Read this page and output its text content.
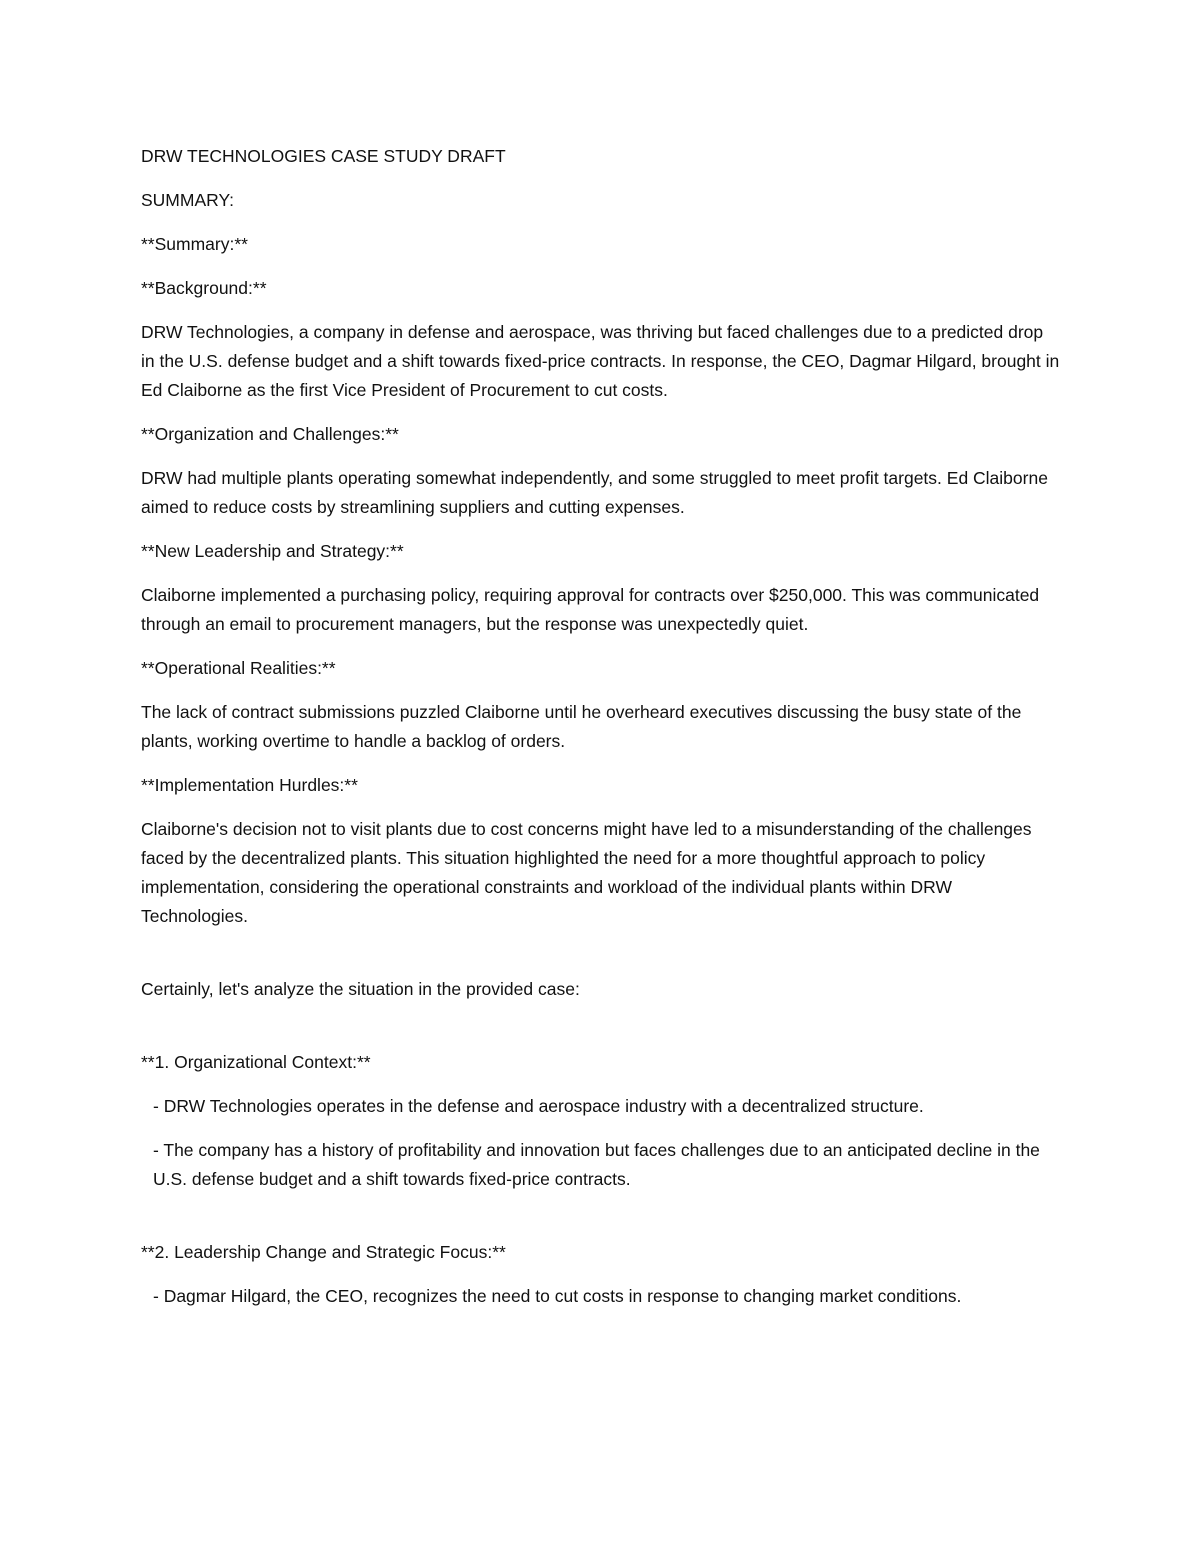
DRW TECHNOLOGIES CASE STUDY DRAFT

SUMMARY:

**Summary:**

**Background:**

DRW Technologies, a company in defense and aerospace, was thriving but faced challenges due to a predicted drop in the U.S. defense budget and a shift towards fixed-price contracts. In response, the CEO, Dagmar Hilgard, brought in Ed Claiborne as the first Vice President of Procurement to cut costs.

**Organization and Challenges:**

DRW had multiple plants operating somewhat independently, and some struggled to meet profit targets. Ed Claiborne aimed to reduce costs by streamlining suppliers and cutting expenses.

**New Leadership and Strategy:**

Claiborne implemented a purchasing policy, requiring approval for contracts over $250,000. This was communicated through an email to procurement managers, but the response was unexpectedly quiet.

**Operational Realities:**

The lack of contract submissions puzzled Claiborne until he overheard executives discussing the busy state of the plants, working overtime to handle a backlog of orders.

**Implementation Hurdles:**

Claiborne's decision not to visit plants due to cost concerns might have led to a misunderstanding of the challenges faced by the decentralized plants. This situation highlighted the need for a more thoughtful approach to policy implementation, considering the operational constraints and workload of the individual plants within DRW Technologies.

Certainly, let's analyze the situation in the provided case:

**1. Organizational Context:**

- DRW Technologies operates in the defense and aerospace industry with a decentralized structure.

- The company has a history of profitability and innovation but faces challenges due to an anticipated decline in the U.S. defense budget and a shift towards fixed-price contracts.

**2. Leadership Change and Strategic Focus:**

- Dagmar Hilgard, the CEO, recognizes the need to cut costs in response to changing market conditions.
